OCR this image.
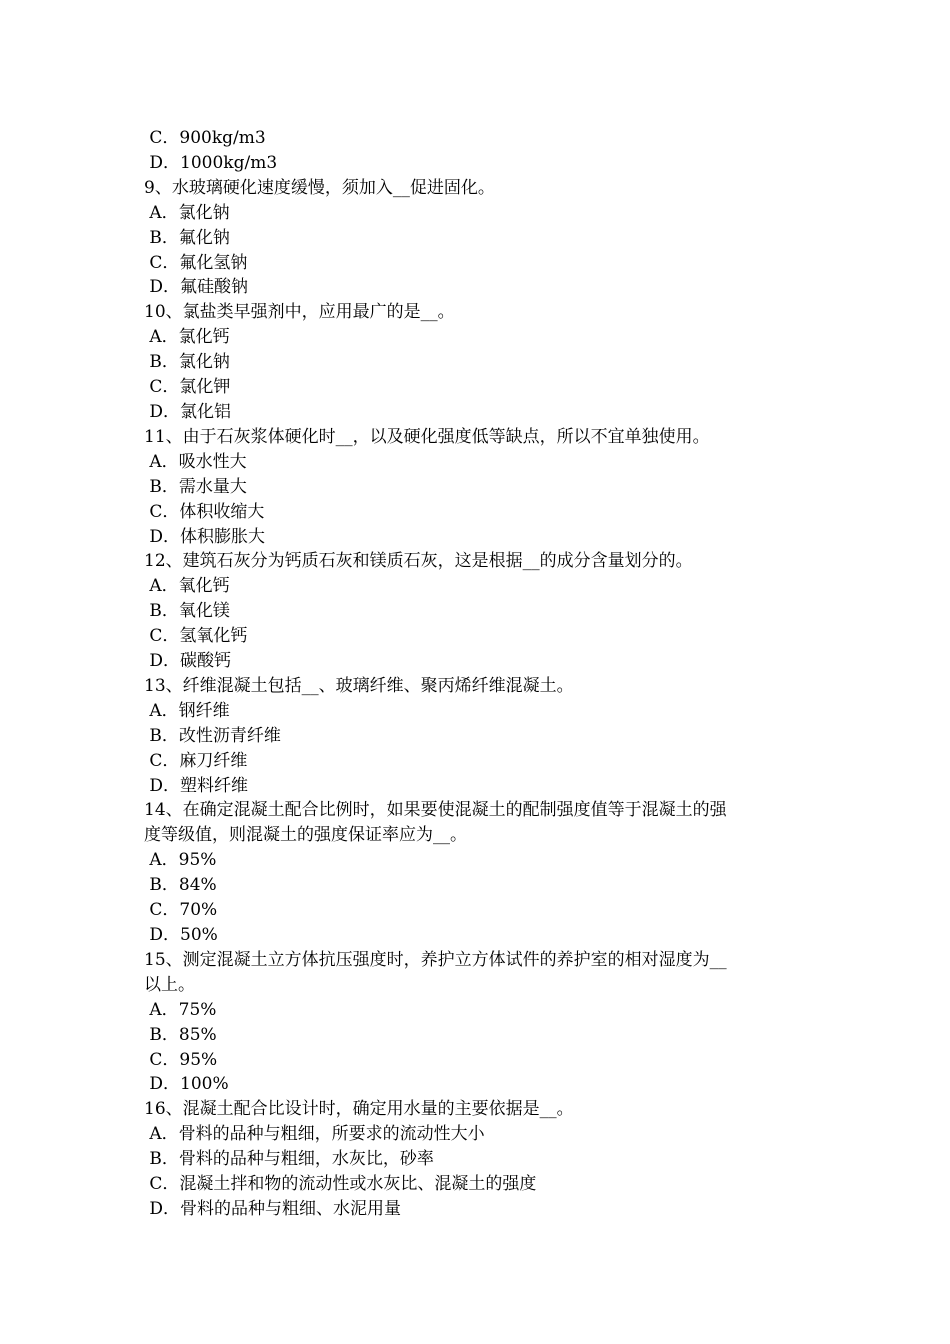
C．900kg/m3
D．1000kg/m3
9、水玻璃硬化速度缓慢，须加入__促进固化。
A．氯化钠
B．氟化钠
C．氟化氢钠
D．氟硅酸钠
10、氯盐类早强剂中，应用最广的是__。
A．氯化钙
B．氯化钠
C．氯化钾
D．氯化铝
11、由于石灰浆体硬化时__，以及硬化强度低等缺点，所以不宜单独使用。
A．吸水性大
B．需水量大
C．体积收缩大
D．体积膨胀大
12、建筑石灰分为钙质石灰和镁质石灰，这是根据__的成分含量划分的。
A．氧化钙
B．氧化镁
C．氢氧化钙
D．碳酸钙
13、纤维混凝土包括__、玻璃纤维、聚丙烯纤维混凝土。
A．钢纤维
B．改性沥青纤维
C．麻刀纤维
D．塑料纤维
14、在确定混凝土配合比例时，如果要使混凝土的配制强度值等于混凝土的强
度等级值，则混凝土的强度保证率应为__。
A．95%
B．84%
C．70%
D．50%
15、测定混凝土立方体抗压强度时，养护立方体试件的养护室的相对湿度为__
以上。
A．75%
B．85%
C．95%
D．100%
16、混凝土配合比设计时，确定用水量的主要依据是__。
A．骨料的品种与粗细，所要求的流动性大小
B．骨料的品种与粗细，水灰比，砂率
C．混凝土拌和物的流动性或水灰比、混凝土的强度
D．骨料的品种与粗细、水泥用量
